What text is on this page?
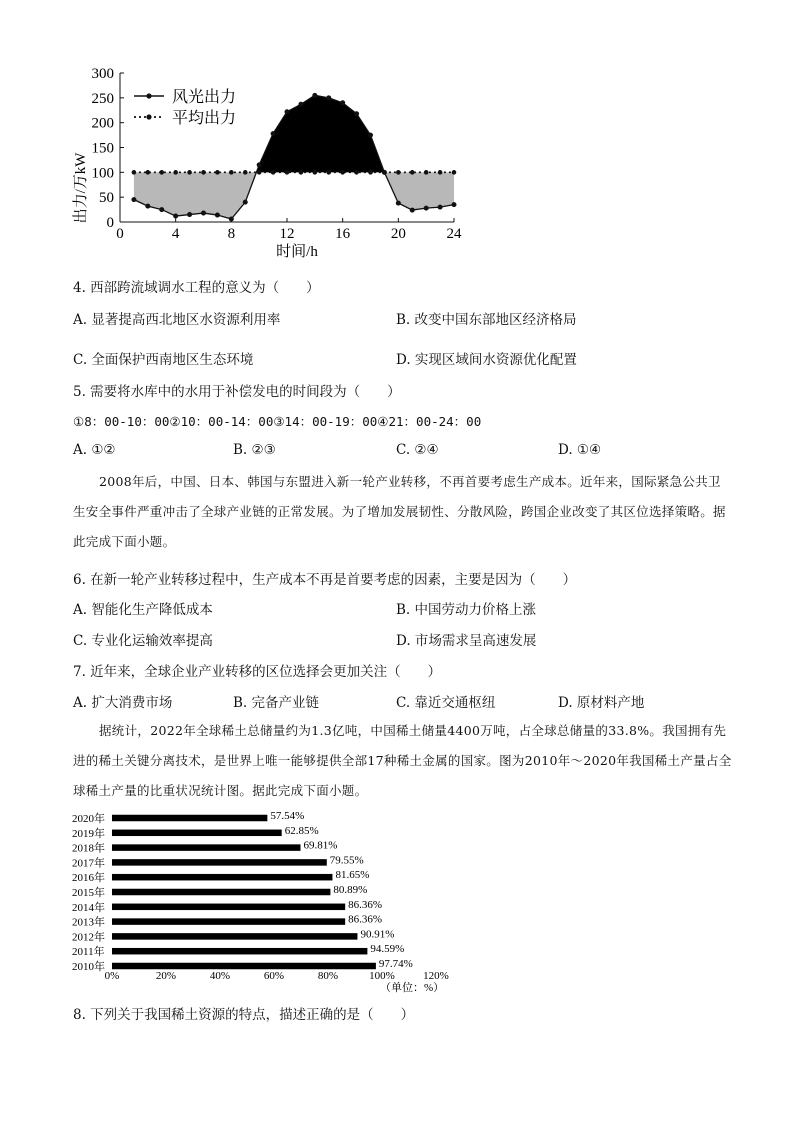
0
50
100
150
200
250
300
0	4	8	12	16	20	24
出力/万kW
时间/h
风光出力
平均出力
4. 西部跨流域调水工程的意义为（　　）
A. 显著提高西北地区水资源利用率	B. 改变中国东部地区经济格局
C. 全面保护西南地区生态环境	D. 实现区域间水资源优化配置
5. 需要将水库中的水用于补偿发电的时间段为（　　）
①8：00-10：00②10：00-14：00③14：00-19：00④21：00-24：00
A. ①②	B. ②③	C. ②④	D. ①④
2008年后，中国、日本、韩国与东盟进入新一轮产业转移，不再首要考虑生产成本。近年来，国际紧急公共卫生安全事件严重冲击了全球产业链的正常发展。为了增加发展韧性、分散风险，跨国企业改变了其区位选择策略。据此完成下面小题。
6. 在新一轮产业转移过程中，生产成本不再是首要考虑的因素，主要是因为（　　）
A. 智能化生产降低成本	B. 中国劳动力价格上涨
C. 专业化运输效率提高	D. 市场需求呈高速发展
7. 近年来，全球企业产业转移的区位选择会更加关注（　　）
A. 扩大消费市场	B. 完备产业链	C. 靠近交通枢纽	D. 原材料产地
据统计，2022年全球稀土总储量约为1.3亿吨，中国稀土储量4400万吨，占全球总储量的33.8%。我国拥有先进的稀土关键分离技术，是世界上唯一能够提供全部17种稀土金属的国家。图为2010年～2020年我国稀土产量占全球稀土产量的比重状况统计图。据此完成下面小题。
2020年
2019年
2018年
2017年
2016年
2015年
2014年
2013年
2012年
2011年
2010年
57.54%
62.85%
69.81%
79.55%
81.65%
80.89%
86.36%
86.36%
90.91%
94.59%
97.74%
0%	20%	40%	60%	80%	100%	120%
（单位：%）
8. 下列关于我国稀土资源的特点，描述正确的是（　　）
